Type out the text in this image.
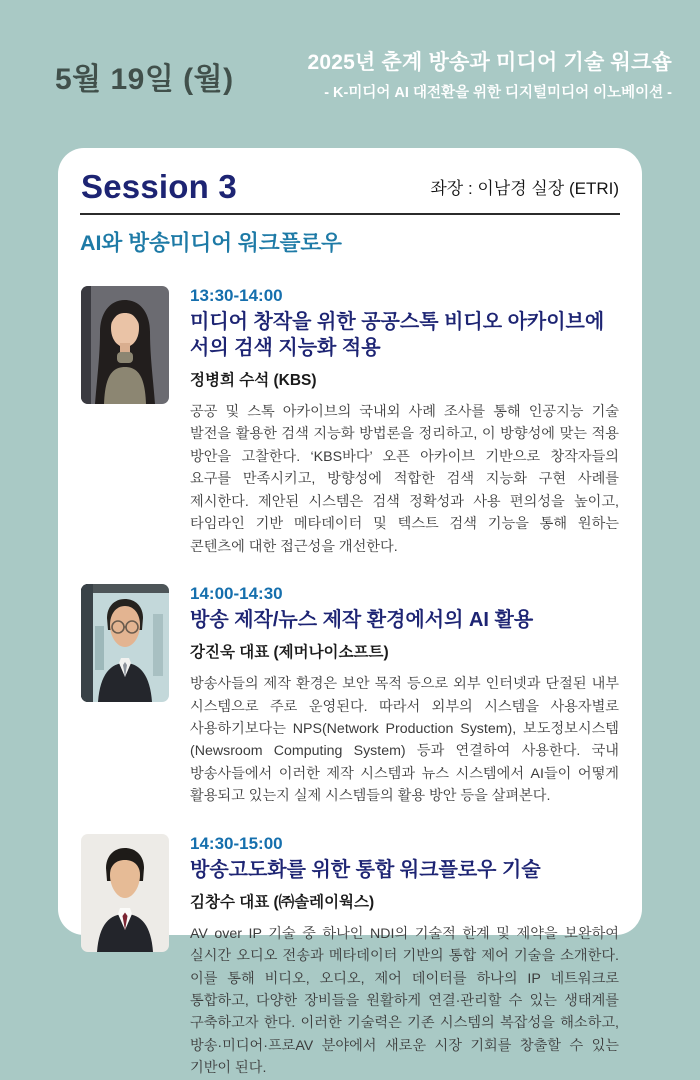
5월 19일 (월)
2025년 춘계 방송과 미디어 기술 워크숍
- K-미디어 AI 대전환을 위한 디지털미디어 이노베이션 -
Session 3	좌장 : 이남경 실장 (ETRI)
AI와 방송미디어 워크플로우
13:30-14:00
미디어 창작을 위한 공공스톡 비디오 아카이브에서의 검색 지능화 적용
정병희 수석 (KBS)

공공 및 스톡 아카이브의 국내외 사례 조사를 통해 인공지능 기술 발전을 활용한 검색 지능화 방법론을 정리하고, 이 방향성에 맞는 적용 방안을 고찰한다. ‘KBS바다’ 오픈 아카이브 기반으로 창작자들의 요구를 만족시키고, 방향성에 적합한 검색 지능화 구현 사례를 제시한다. 제안된 시스템은 검색 정확성과 사용 편의성을 높이고, 타임라인 기반 메타데이터 및 텍스트 검색 기능을 통해 원하는 콘텐츠에 대한 접근성을 개선한다.

14:00-14:30
방송 제작/뉴스 제작 환경에서의 AI 활용
강진욱 대표 (제머나이소프트)

방송사들의 제작 환경은 보안 목적 등으로 외부 인터넷과 단절된 내부 시스템으로 주로 운영된다. 따라서 외부의 시스템을 사용자별로 사용하기보다는 NPS(Network Production System), 보도정보시스템(Newsroom Computing System) 등과 연결하여 사용한다. 국내 방송사들에서 이러한 제작 시스템과 뉴스 시스템에서 AI들이 어떻게 활용되고 있는지 실제 시스템들의 활용 방안 등을 살펴본다.

14:30-15:00
방송고도화를 위한 통합 워크플로우 기술
김창수 대표 (㈜솔레이웍스)

AV over IP 기술 중 하나인 NDI의 기술적 한계 및 제약을 보완하여 실시간 오디오 전송과 메타데이터 기반의 통합 제어 기술을 소개한다. 이를 통해 비디오, 오디오, 제어 데이터를 하나의 IP 네트워크로 통합하고, 다양한 장비들을 원활하게 연결·관리할 수 있는 생태계를 구축하고자 한다. 이러한 기술력은 기존 시스템의 복잡성을 해소하고, 방송·미디어·프로AV 분야에서 새로운 시장 기회를 창출할 수 있는 기반이 된다.
